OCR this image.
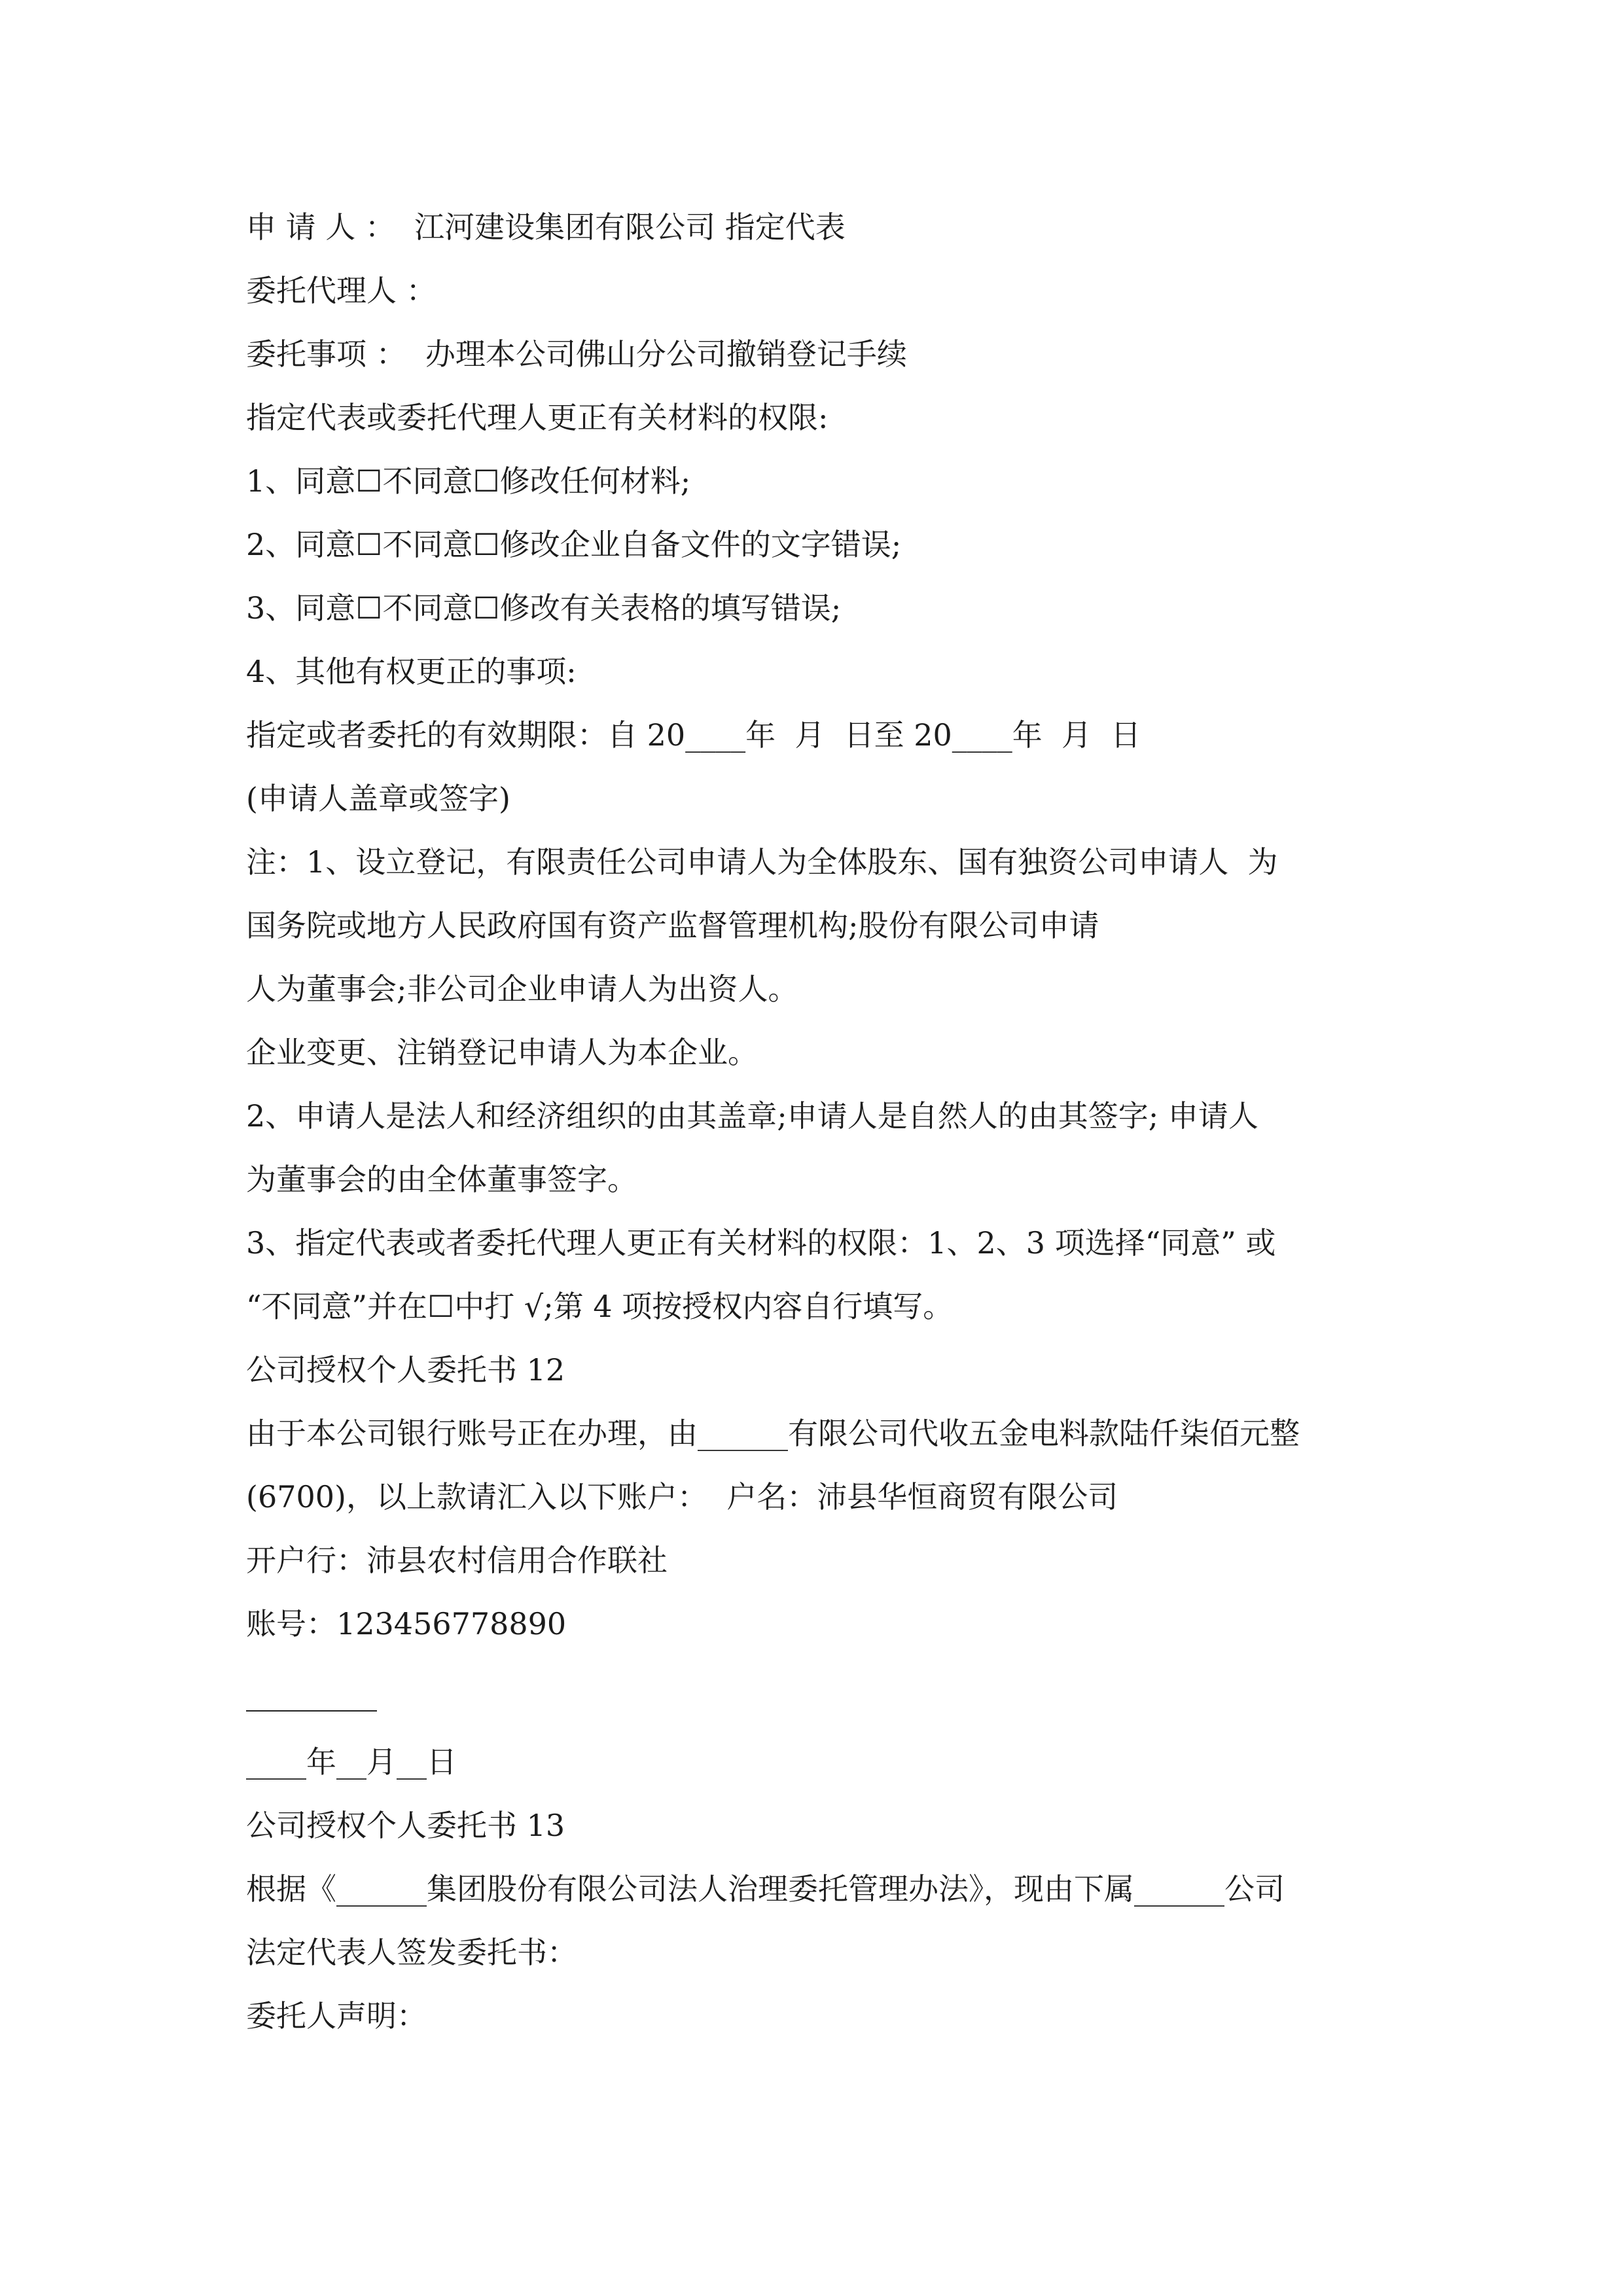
申 请 人 ：  江河建设集团有限公司 指定代表
委托代理人 ：
委托事项 ：  办理本公司佛山分公司撤销登记手续
指定代表或委托代理人更正有关材料的权限:
1、同意☐不同意☐修改任何材料;
2、同意☐不同意☐修改企业自备文件的文字错误;
3、同意☐不同意☐修改有关表格的填写错误;
4、其他有权更正的事项:
指定或者委托的有效期限：自 20____年  月  日至 20____年  月  日
(申请人盖章或签字)
注：1、设立登记，有限责任公司申请人为全体股东、国有独资公司申请人  为
国务院或地方人民政府国有资产监督管理机构;股份有限公司申请
人为董事会;非公司企业申请人为出资人。
企业变更、注销登记申请人为本企业。
2、申请人是法人和经济组织的由其盖章;申请人是自然人的由其签字; 申请人
为董事会的由全体董事签字。
3、指定代表或者委托代理人更正有关材料的权限：1、2、3 项选择“同意” 或
“不同意”并在☐中打 √;第 4 项按授权内容自行填写。
公司授权个人委托书 12
由于本公司银行账号正在办理，由______有限公司代收五金电料款陆仟柒佰元整
(6700)，以上款请汇入以下账户：  户名：沛县华恒商贸有限公司
开户行：沛县农村信用合作联社
账号：123456778890
____年__月__日
公司授权个人委托书 13
根据《______集团股份有限公司法人治理委托管理办法》，现由下属______公司
法定代表人签发委托书：
委托人声明：
